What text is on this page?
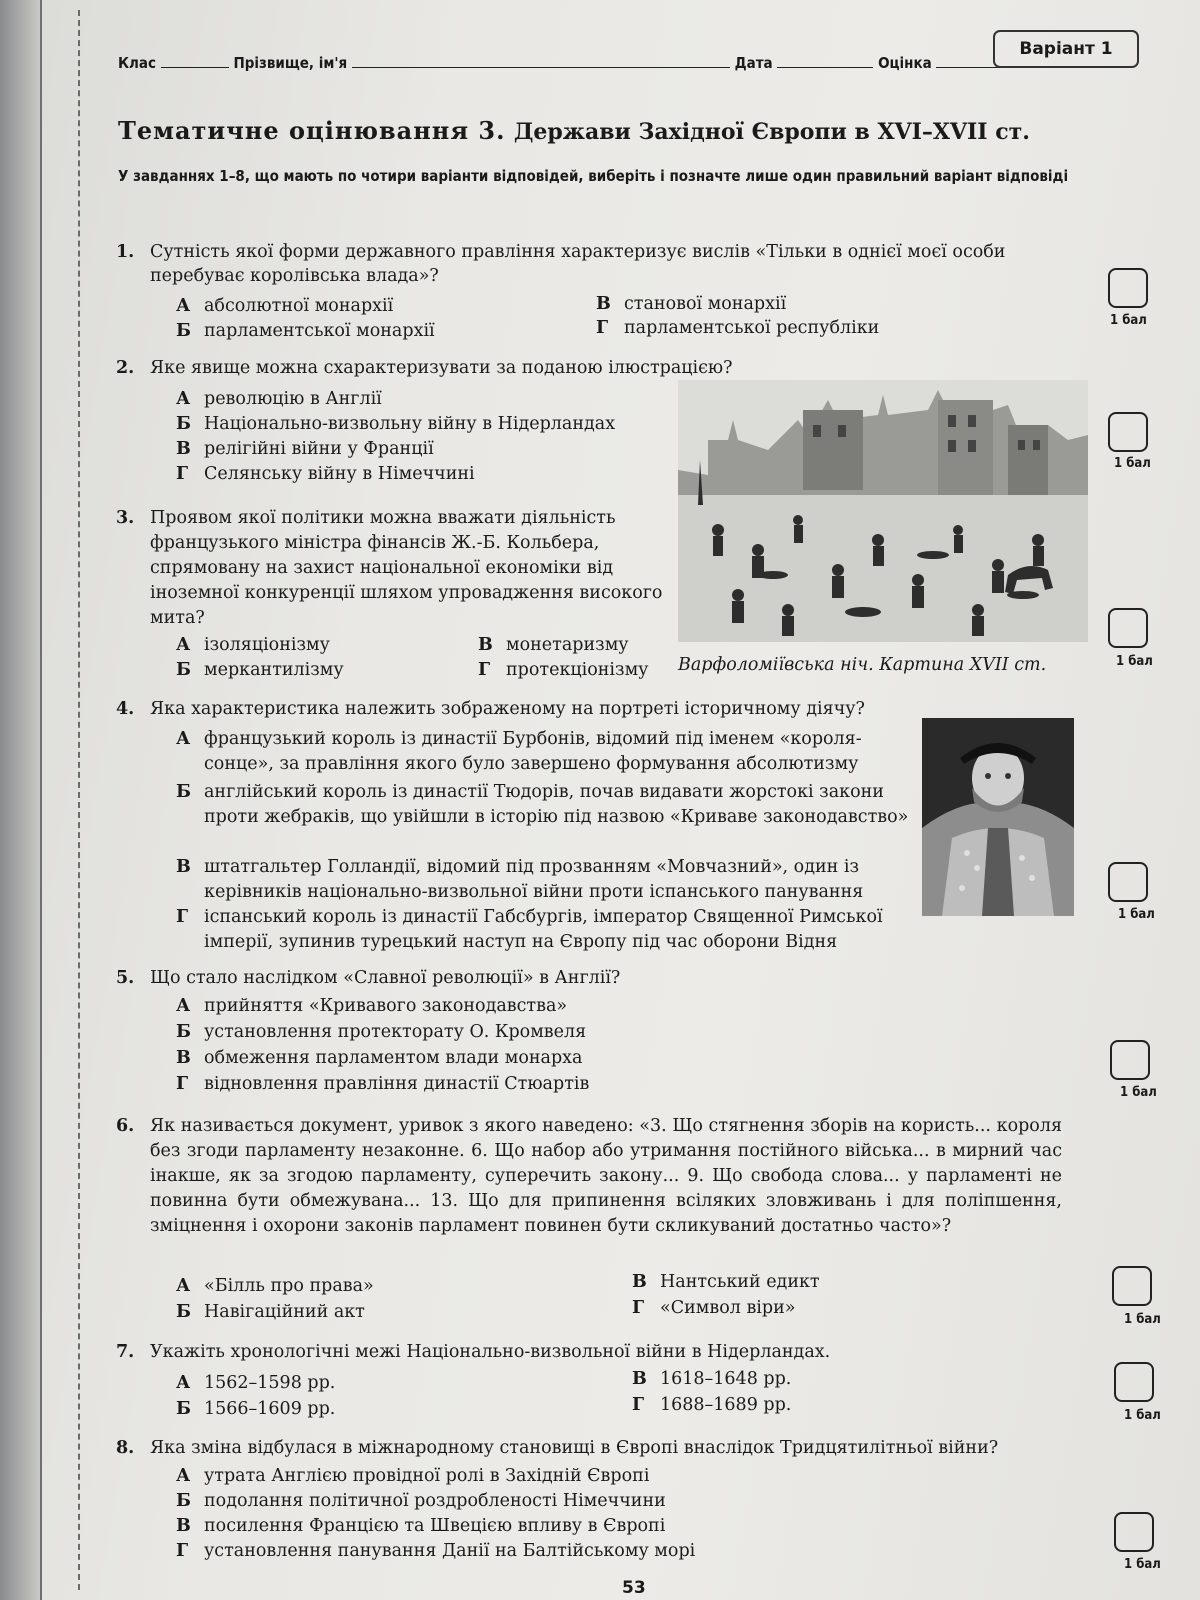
Клас	Прізвище, ім'я	Дата	Оцінка
Варіант 1
Тематичне оцінювання 3. Держави Західної Європи в XVI–XVII ст.
У завданнях 1–8, що мають по чотири варіанти відповідей, виберіть і позначте лише один правильний варіант відповіді
1. Сутність якої форми державного правління характеризує вислів «Тільки в однієї моєї особи перебуває королівська влада»?
А абсолютної монархії
Б парламентської монархії
В станової монархії
Г парламентської республіки	1 бал
2. Яке явище можна схарактеризувати за поданою ілюстрацією?
А революцію в Англії
Б Національно-визвольну війну в Нідерландах
В релігійні війни у Франції
Г Селянську війну в Німеччині
1 бал
3. Проявом якої політики можна вважати діяльність французького міністра фінансів Ж.-Б. Кольбера, спрямовану на захист національної економіки від іноземної конкуренції шляхом упровадження високого мита?
А ізоляціонізму
Б меркантилізму
В монетаризму
Г протекціонізму Варфоломіївська ніч. Картина XVII ст.	1 бал
4. Яка характеристика належить зображеному на портреті історичному діячу?
А французький король із династії Бурбонів, відомий під іменем «короля-сонце», за правління якого було завершено формування абсолютизму
Б англійський король із династії Тюдорів, почав видавати жорстокі закони проти жебраків, що увійшли в історію під назвою «Криваве законодавство»
В штатгальтер Голландії, відомий під прозванням «Мовчазний», один із керівників національно-визвольної війни проти іспанського панування
Г іспанський король із династії Габсбургів, імператор Священної Римської імперії, зупинив турецький наступ на Європу під час оборони Відня
1 бал
5. Що стало наслідком «Славної революції» в Англії?
А прийняття «Кривавого законодавства»
Б установлення протекторату О. Кромвеля
В обмеження парламентом влади монарха
Г відновлення правління династії Стюартів	1 бал
6. Як називається документ, уривок з якого наведено: «3. Що стягнення зборів на користь... короля без згоди парламенту незаконне. 6. Що набор або утримання постійного війська... в мирний час інакше, як за згодою парламенту, суперечить закону... 9. Що свобода слова... у парламенті не повинна бути обмежувана... 13. Що для припинення всіляких зловживань і для поліпшення, зміцнення і охорони законів парламент повинен бути скликуваний достатньо часто»?
А «Білль про права»
Б Навігаційний акт
В Нантський едикт
Г «Символ віри»
1 бал
7. Укажіть хронологічні межі Національно-визвольної війни в Нідерландах.
А 1562–1598 рр.
Б 1566–1609 рр.
В 1618–1648 рр.
Г 1688–1689 рр.
1 бал
8. Яка зміна відбулася в міжнародному становищі в Європі внаслідок Тридцятилітньої війни?
А утрата Англією провідної ролі в Західній Європі
Б подолання політичної роздробленості Німеччини
В посилення Францією та Швецією впливу в Європі
Г установлення панування Данії на Балтійському морі
1 бал
53
